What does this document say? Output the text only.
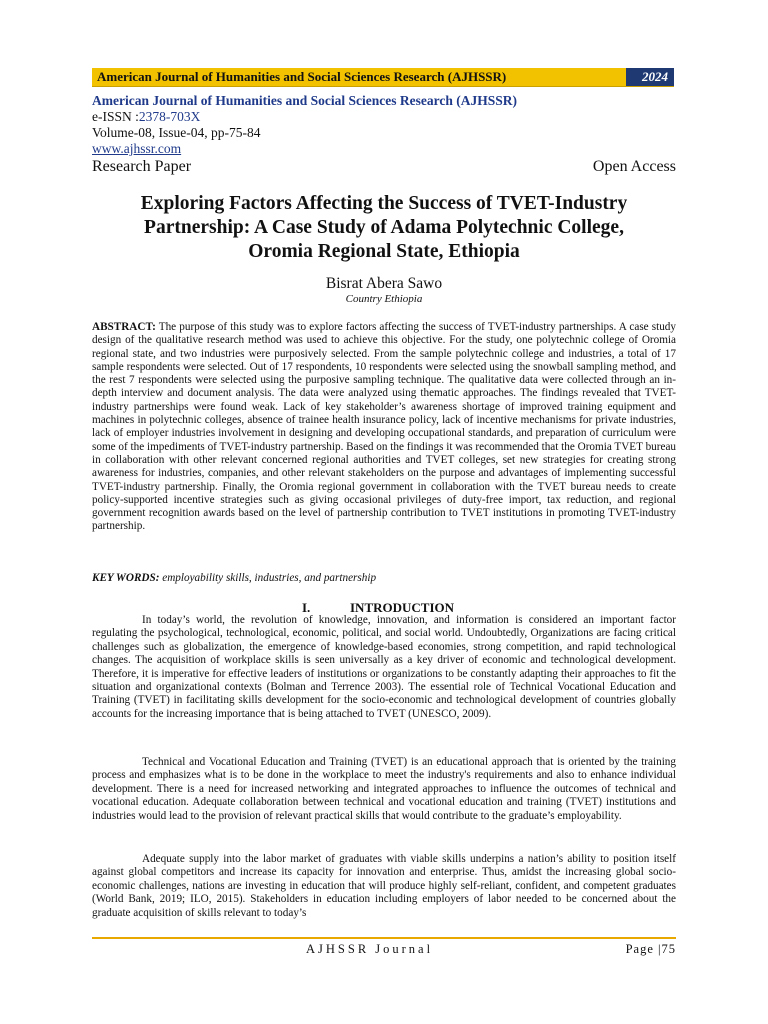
American Journal of Humanities and Social Sciences Research (AJHSSR)	2024
American Journal of Humanities and Social Sciences Research (AJHSSR)
e-ISSN :2378-703X
Volume-08, Issue-04, pp-75-84
www.ajhssr.com
Research Paper	Open Access
Exploring Factors Affecting the Success of TVET-Industry
Partnership: A Case Study of Adama Polytechnic College,
Oromia Regional State, Ethiopia
Bisrat Abera Sawo
Country Ethiopia
ABSTRACT: The purpose of this study was to explore factors affecting the success of TVET-industry partnerships. A case study design of the qualitative research method was used to achieve this objective. For the study, one polytechnic college of Oromia regional state, and two industries were purposively selected. From the sample polytechnic college and industries, a total of 17 sample respondents were selected. Out of 17 respondents, 10 respondents were selected using the snowball sampling method, and the rest 7 respondents were selected using the purposive sampling technique. The qualitative data were collected through an in-depth interview and document analysis. The data were analyzed using thematic approaches. The findings revealed that TVET-industry partnerships were found weak. Lack of key stakeholder’s awareness shortage of improved training equipment and machines in polytechnic colleges, absence of trainee health insurance policy, lack of incentive mechanisms for private industries, lack of employer industries involvement in designing and developing occupational standards, and preparation of curriculum were some of the impediments of TVET-industry partnership. Based on the findings it was recommended that the Oromia TVET bureau in collaboration with other relevant concerned regional authorities and TVET colleges, set new strategies for creating strong awareness for industries, companies, and other relevant stakeholders on the purpose and advantages of implementing successful TVET-industry partnership. Finally, the Oromia regional government in collaboration with the TVET bureau needs to create policy-supported incentive strategies such as giving occasional privileges of duty-free import, tax reduction, and regional government recognition awards based on the level of partnership contribution to TVET institutions in promoting TVET-industry partnership.
KEY WORDS: employability skills, industries, and partnership
I.	INTRODUCTION
In today’s world, the revolution of knowledge, innovation, and information is considered an important factor regulating the psychological, technological, economic, political, and social world. Undoubtedly, Organizations are facing critical challenges such as globalization, the emergence of knowledge-based economies, strong competition, and rapid technological changes. The acquisition of workplace skills is seen universally as a key driver of economic and technological development. Therefore, it is imperative for effective leaders of institutions or organizations to be constantly adapting their approaches to fit the situation and organizational contexts (Bolman and Terrence 2003). The essential role of Technical Vocational Education and Training (TVET) in facilitating skills development for the socio-economic and technological development of countries globally accounts for the increasing importance that is being attached to TVET (UNESCO, 2009).
Technical and Vocational Education and Training (TVET) is an educational approach that is oriented by the training process and emphasizes what is to be done in the workplace to meet the industry's requirements and also to enhance individual development. There is a need for increased networking and integrated approaches to influence the outcomes of technical and vocational education. Adequate collaboration between technical and vocational education and training (TVET) institutions and industries would lead to the provision of relevant practical skills that would contribute to the graduate’s employability.
Adequate supply into the labor market of graduates with viable skills underpins a nation’s ability to position itself against global competitors and increase its capacity for innovation and enterprise. Thus, amidst the increasing global socio-economic challenges, nations are investing in education that will produce highly self-reliant, confident, and competent graduates (World Bank, 2019; ILO, 2015). Stakeholders in education including employers of labor needed to be concerned about the graduate acquisition of skills relevant to today’s
AJHSSR Journal	Page |75
